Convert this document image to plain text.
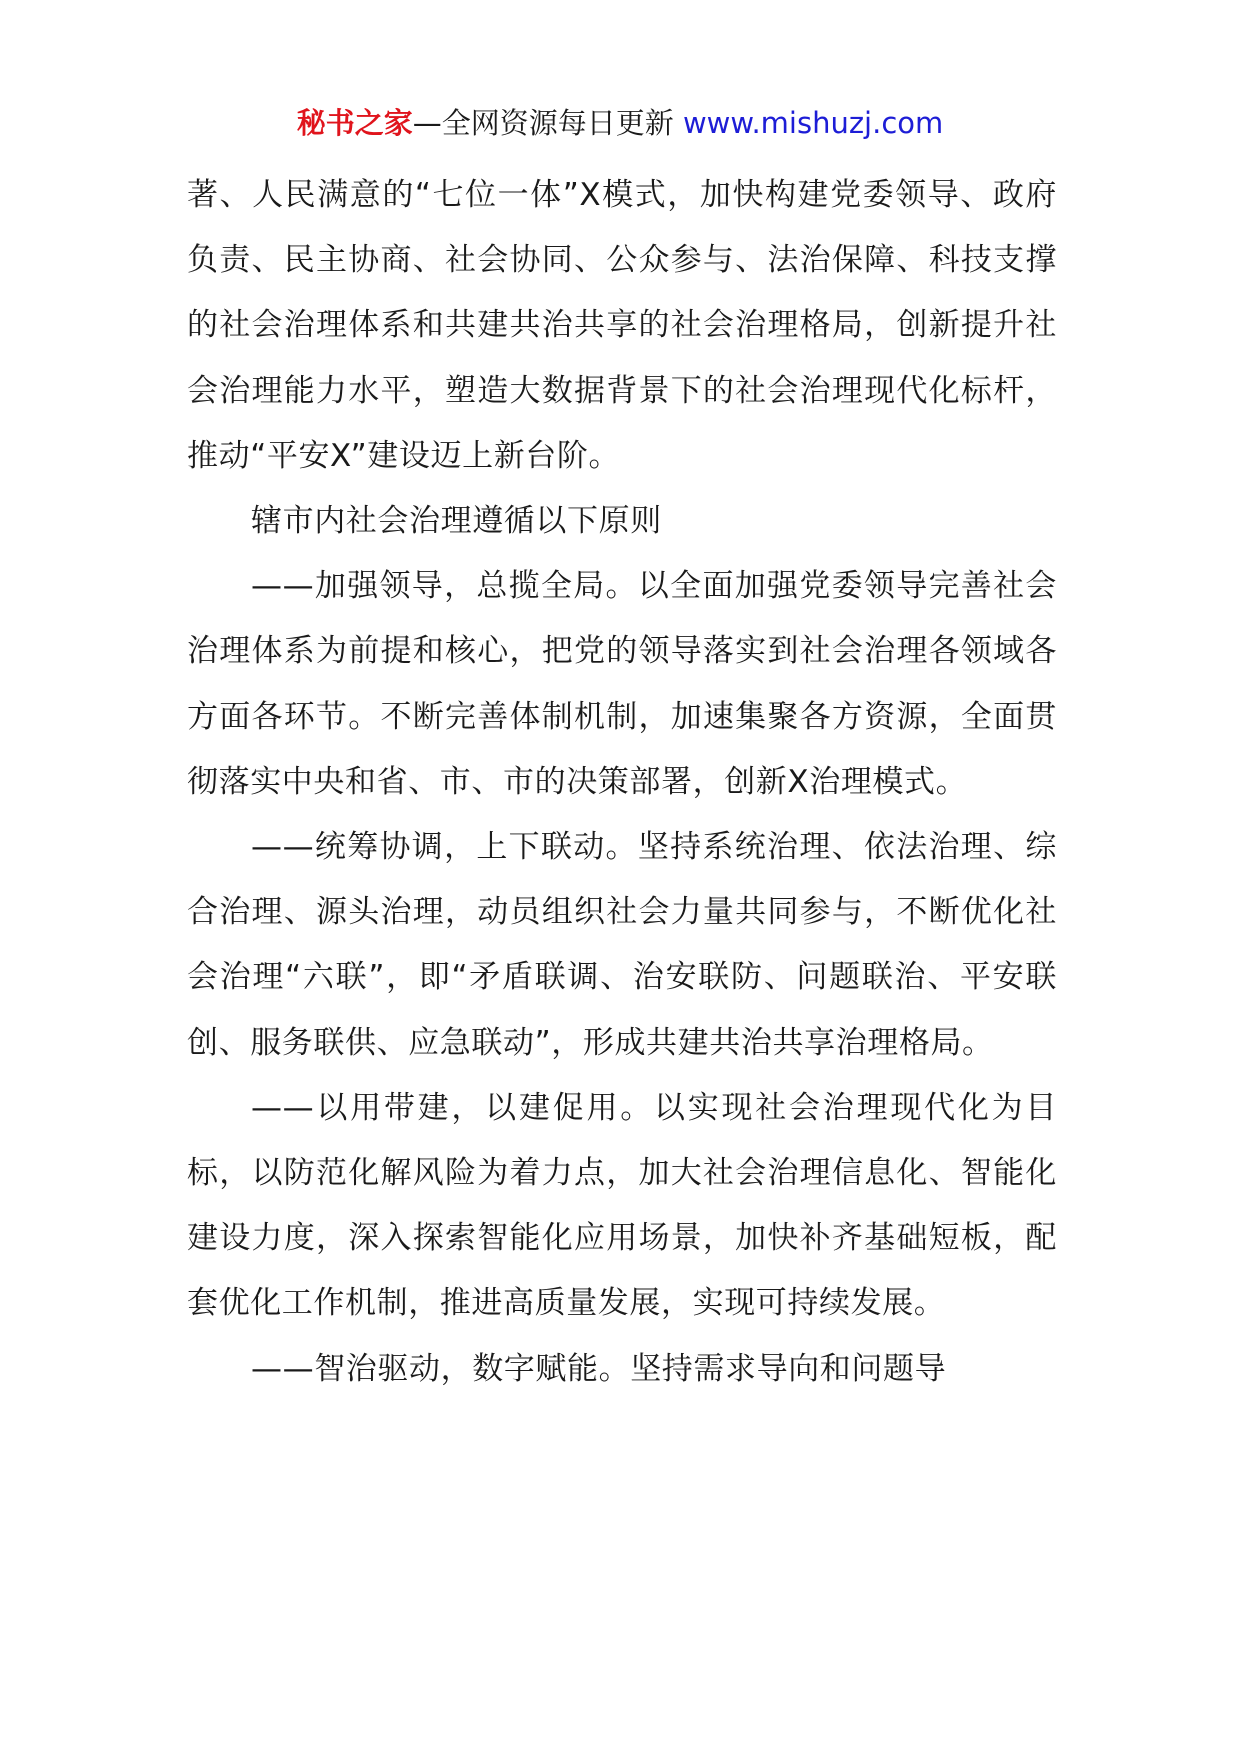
秘书之家—全网资源每日更新 www.mishuzj.com

著、人民满意的“七位一体”X模式，加快构建党委领导、政府负责、民主协商、社会协同、公众参与、法治保障、科技支撑的社会治理体系和共建共治共享的社会治理格局，创新提升社会治理能力水平，塑造大数据背景下的社会治理现代化标杆，推动“平安X”建设迈上新台阶。

辖市内社会治理遵循以下原则

——加强领导，总揽全局。以全面加强党委领导完善社会治理体系为前提和核心，把党的领导落实到社会治理各领域各方面各环节。不断完善体制机制，加速集聚各方资源，全面贯彻落实中央和省、市、市的决策部署，创新X治理模式。

——统筹协调，上下联动。坚持系统治理、依法治理、综合治理、源头治理，动员组织社会力量共同参与，不断优化社会治理“六联”，即“矛盾联调、治安联防、问题联治、平安联创、服务联供、应急联动”，形成共建共治共享治理格局。

——以用带建，以建促用。以实现社会治理现代化为目标，以防范化解风险为着力点，加大社会治理信息化、智能化建设力度，深入探索智能化应用场景，加快补齐基础短板，配套优化工作机制，推进高质量发展，实现可持续发展。

——智治驱动，数字赋能。坚持需求导向和问题导
